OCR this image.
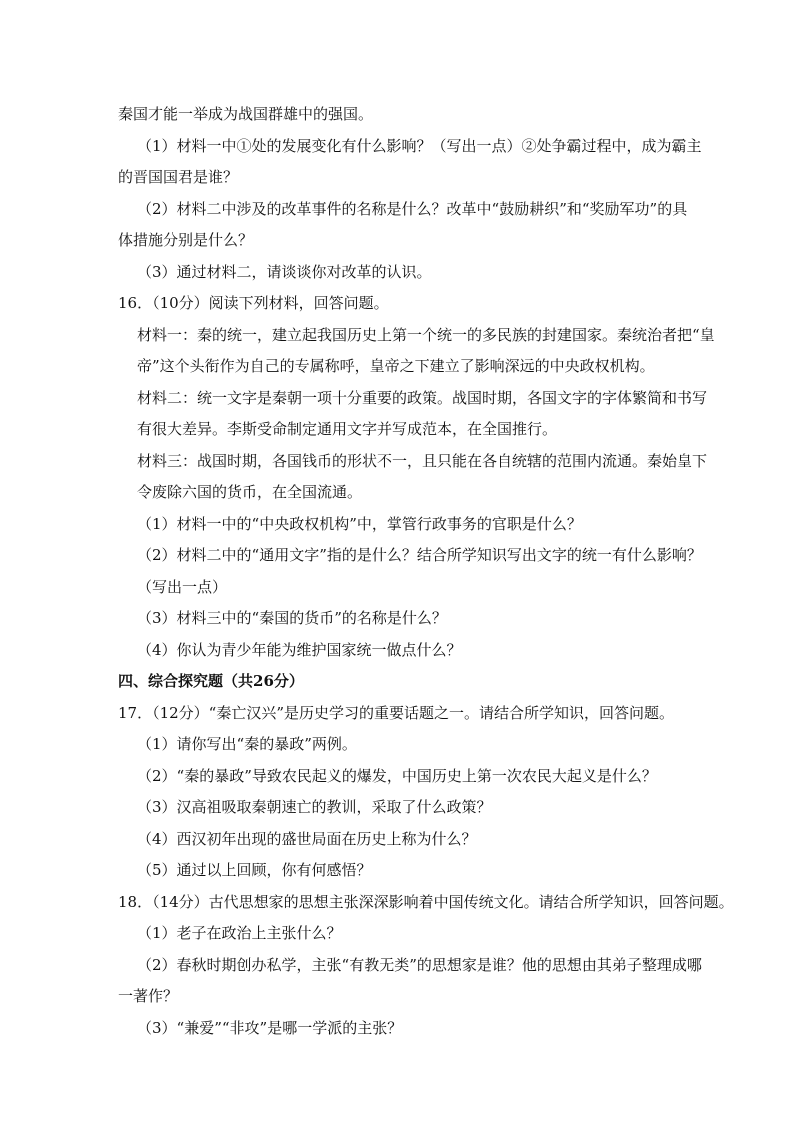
秦国才能一举成为战国群雄中的强国。
（1）材料一中①处的发展变化有什么影响？（写出一点）②处争霸过程中，成为霸主
的晋国国君是谁？
（2）材料二中涉及的改革事件的名称是什么？改革中“鼓励耕织”和“奖励军功”的具
体措施分别是什么？
（3）通过材料二，请谈谈你对改革的认识。
16．（10分）阅读下列材料，回答问题。
材料一：秦的统一，建立起我国历史上第一个统一的多民族的封建国家。秦统治者把“皇
帝”这个头衔作为自己的专属称呼，皇帝之下建立了影响深远的中央政权机构。
材料二：统一文字是秦朝一项十分重要的政策。战国时期，各国文字的字体繁简和书写
有很大差异。李斯受命制定通用文字并写成范本，在全国推行。
材料三：战国时期，各国钱币的形状不一，且只能在各自统辖的范围内流通。秦始皇下
令废除六国的货币，在全国流通。
（1）材料一中的“中央政权机构”中，掌管行政事务的官职是什么？
（2）材料二中的“通用文字”指的是什么？结合所学知识写出文字的统一有什么影响？
（写出一点）
（3）材料三中的“秦国的货币”的名称是什么？
（4）你认为青少年能为维护国家统一做点什么？
四、综合探究题（共26分）
17．（12分）“秦亡汉兴”是历史学习的重要话题之一。请结合所学知识，回答问题。
（1）请你写出“秦的暴政”两例。
（2）“秦的暴政”导致农民起义的爆发，中国历史上第一次农民大起义是什么？
（3）汉高祖吸取秦朝速亡的教训，采取了什么政策？
（4）西汉初年出现的盛世局面在历史上称为什么？
（5）通过以上回顾，你有何感悟？
18．（14分）古代思想家的思想主张深深影响着中国传统文化。请结合所学知识，回答问题。
（1）老子在政治上主张什么？
（2）春秋时期创办私学，主张“有教无类”的思想家是谁？他的思想由其弟子整理成哪
一著作？
（3）“兼爱”“非攻”是哪一学派的主张？
